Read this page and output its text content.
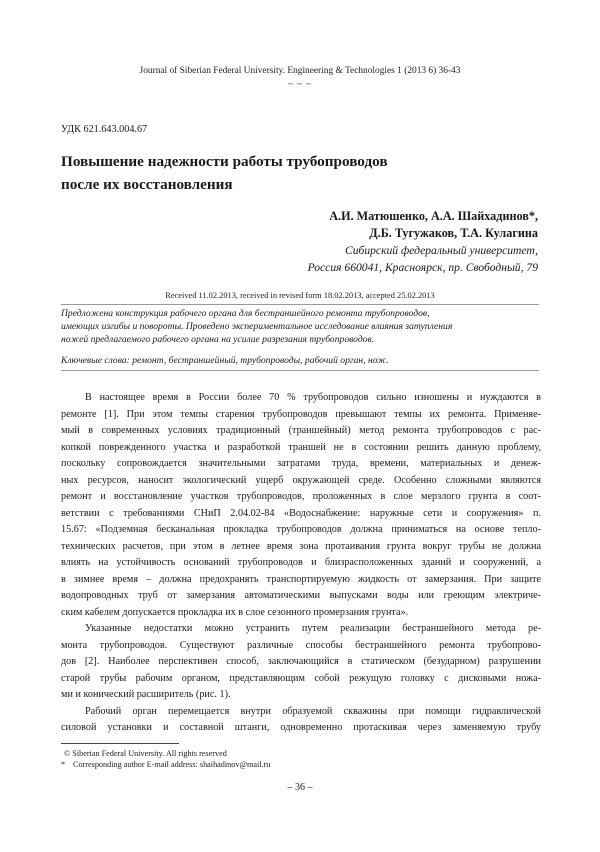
Journal of Siberian Federal University. Engineering & Technologies 1 (2013 6) 36-43
~ ~ ~
УДК 621.643.004.67
Повышение надежности работы трубопроводов
после их восстановления
А.И. Матюшенко, А.А. Шайхадинов*,
Д.Б. Тугужаков, Т.А. Кулагина
Сибирский федеральный университет,
Россия 660041, Красноярск, пр. Свободный, 79
Received 11.02.2013, received in revised form 18.02.2013, accepted 25.02.2013
Предложена конструкция рабочего органа для бестраншейного ремонта трубопроводов,
имеющих изгибы и повороты. Проведено экспериментальное исследование влияния затупления
ножей предлагаемого рабочего органа на усилие разрезания трубопроводов.
Ключевые слова: ремонт, бестраншейный, трубопроводы, рабочий орган, нож.
В настоящее время в России более 70 % трубопроводов сильно изношены и нуждаются в
ремонте [1]. При этом темпы старения трубопроводов превышают темпы их ремонта. Применяе-
мый в современных условиях традиционный (траншейный) метод ремонта трубопроводов с рас-
копкой поврежденного участка и разработкой траншей не в состоянии решить данную проблему,
поскольку сопровождается значительными затратами труда, времени, материальных и денеж-
ных ресурсов, наносит экологический ущерб окружающей среде. Особенно сложными являются
ремонт и восстановление участков трубопроводов, проложенных в слое мерзлого грунта в соот-
ветствии с требованиями СНиП 2.04.02-84 «Водоснабжение: наружные сети и сооружения» п.
15.67: «Подземная бесканальная прокладка трубопроводов должна приниматься на основе тепло-
технических расчетов, при этом в летнее время зона протаивания грунта вокруг трубы не должна
влиять на устойчивость оснований трубопроводов и близрасположенных зданий и сооружений, а
в зимнее время – должна предохранять транспортируемую жидкость от замерзания. При защите
водопроводных труб от замерзания автоматическими выпусками воды или греющим электриче-
ским кабелем допускается прокладка их в слое сезонного промерзания грунта».
Указанные недостатки можно устранить путем реализации бестраншейного метода ре-
монта трубопроводов. Существуют различные способы бестраншейного ремонта трубопрово-
дов [2]. Наиболее перспективен способ, заключающийся в статическом (безударном) разрушении
старой трубы рабочим органом, представляющим собой режущую головку с дисковыми ножа-
ми и конический расширитель (рис. 1).
Рабочий орган перемещается внутри образуемой скважины при помощи гидравлической
силовой установки и составной штанги, одновременно протаскивая через заменяемую трубу
© Siberian Federal University. All rights reserved
* Corresponding author E-mail address: shaihadinov@mail.ru
– 36 –
